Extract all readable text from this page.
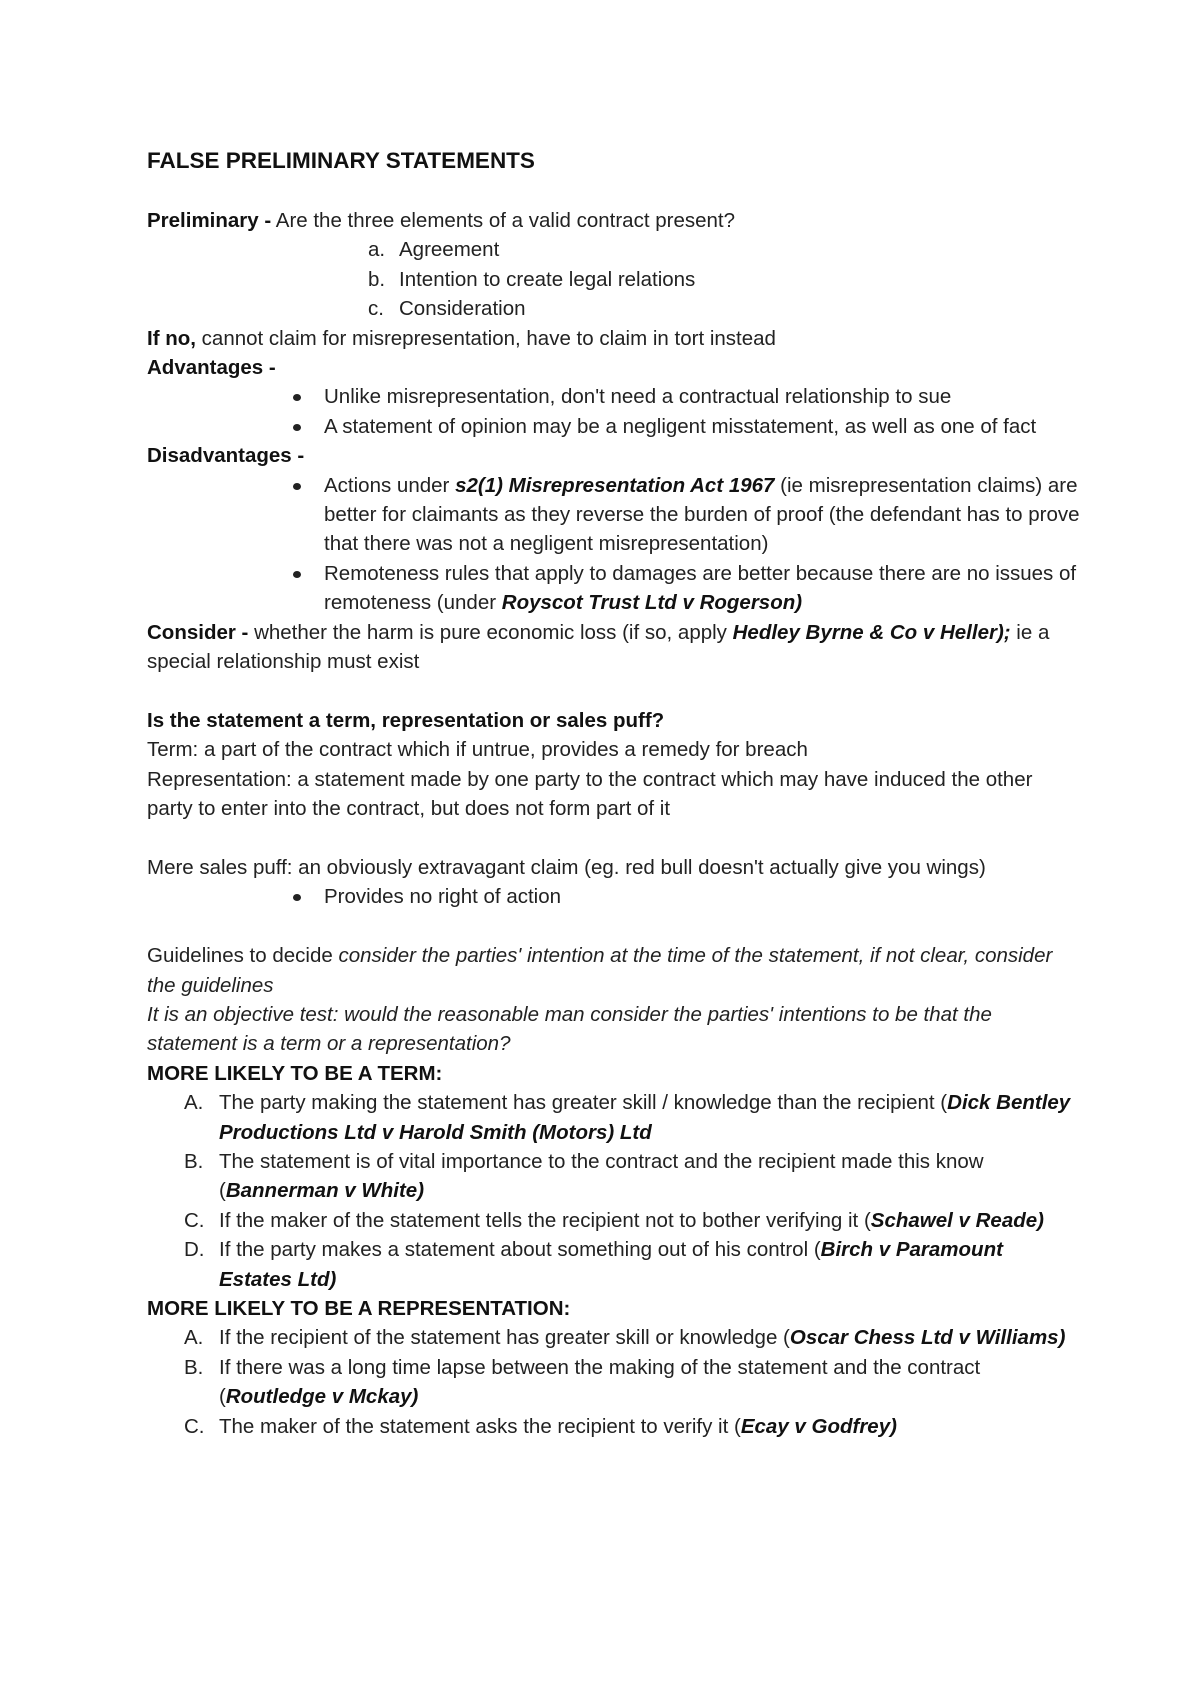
FALSE PRELIMINARY STATEMENTS

Preliminary - Are the three elements of a valid contract present?

a. Agreement
b. Intention to create legal relations
c. Consideration

If no, cannot claim for misrepresentation, have to claim in tort instead

Advantages -

Unlike misrepresentation, don't need a contractual relationship to sue
A statement of opinion may be a negligent misstatement, as well as one of fact

Disadvantages -

Actions under s2(1) Misrepresentation Act 1967 (ie misrepresentation claims) are better for claimants as they reverse the burden of proof (the defendant has to prove that there was not a negligent misrepresentation)
Remoteness rules that apply to damages are better because there are no issues of remoteness (under Royscot Trust Ltd v Rogerson)

Consider - whether the harm is pure economic loss (if so, apply Hedley Byrne & Co v Heller); ie a special relationship must exist

Is the statement a term, representation or sales puff?

Term: a part of the contract which if untrue, provides a remedy for breach

Representation: a statement made by one party to the contract which may have induced the other party to enter into the contract, but does not form part of it

Mere sales puff: an obviously extravagant claim (eg. red bull doesn't actually give you wings)

Provides no right of action

Guidelines to decide consider the parties' intention at the time of the statement, if not clear, consider the guidelines

It is an objective test: would the reasonable man consider the parties' intentions to be that the statement is a term or a representation?

MORE LIKELY TO BE A TERM:

A. The party making the statement has greater skill / knowledge than the recipient (Dick Bentley Productions Ltd v Harold Smith (Motors) Ltd
B. The statement is of vital importance to the contract and the recipient made this know (Bannerman v White)
C. If the maker of the statement tells the recipient not to bother verifying it (Schawel v Reade)
D. If the party makes a statement about something out of his control (Birch v Paramount Estates Ltd)

MORE LIKELY TO BE A REPRESENTATION:

A. If the recipient of the statement has greater skill or knowledge (Oscar Chess Ltd v Williams)
B. If there was a long time lapse between the making of the statement and the contract (Routledge v Mckay)
C. The maker of the statement asks the recipient to verify it (Ecay v Godfrey)
